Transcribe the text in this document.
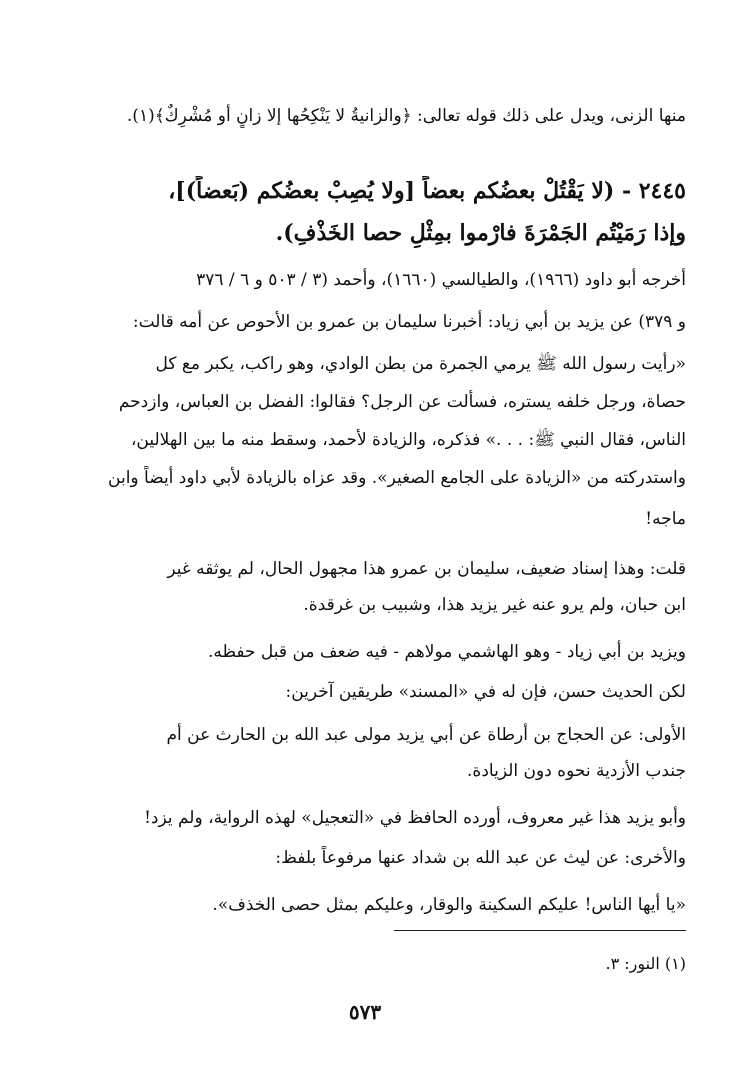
منها الزنى، ويدل على ذلك قوله تعالى: ﴿والزانيةُ لا يَنْكِحُها إلا زانٍ أو مُشْرِكٌ﴾(١).
٢٤٤٥ - (لا يَقْتُلْ بعضُكم بعضاً [ولا يُصِبْ بعضُكم (بَعضاً)]،
وإذا رَمَيْتُم الجَمْرَةَ فارْموا بمِثْلِ حصا الخَذْفِ).
أخرجه أبو داود (١٩٦٦)، والطيالسي (١٦٦٠)، وأحمد (٣ / ٥٠٣ و ٦ / ٣٧٦
و ٣٧٩) عن يزيد بن أبي زياد: أخبرنا سليمان بن عمرو بن الأحوص عن أمه قالت:
«رأيت رسول الله ﷺ يرمي الجمرة من بطن الوادي، وهو راكب، يكبر مع كل
حصاة، ورجل خلفه يستره، فسألت عن الرجل؟ فقالوا: الفضل بن العباس، وازدحم
الناس، فقال النبي ﷺ: . . .» فذكره، والزيادة لأحمد، وسقط منه ما بين الهلالين،
واستدركته من «الزيادة على الجامع الصغير». وقد عزاه بالزيادة لأبي داود أيضاً وابن
ماجه!
قلت: وهذا إسناد ضعيف، سليمان بن عمرو هذا مجهول الحال، لم يوثقه غير
ابن حبان، ولم يرو عنه غير يزيد هذا، وشبيب بن غرقدة.
ويزيد بن أبي زياد - وهو الهاشمي مولاهم - فيه ضعف من قبل حفظه.
لكن الحديث حسن، فإن له في «المسند» طريقين آخرين:
الأولى: عن الحجاج بن أرطاة عن أبي يزيد مولى عبد الله بن الحارث عن أم
جندب الأزدية نحوه دون الزيادة.
وأبو يزيد هذا غير معروف، أورده الحافظ في «التعجيل» لهذه الرواية، ولم يزد!
والأخرى: عن ليث عن عبد الله بن شداد عنها مرفوعاً بلفظ:
«يا أيها الناس! عليكم السكينة والوقار، وعليكم بمثل حصى الخذف».
(١) النور: ٣.
٥٧٣
